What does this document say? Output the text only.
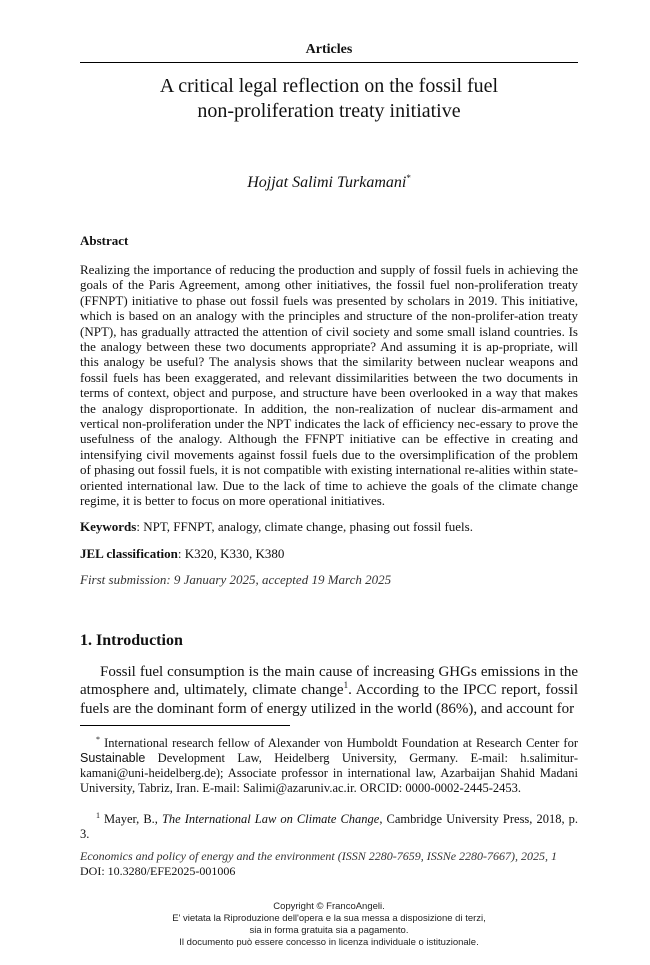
Articles
A critical legal reflection on the fossil fuel
non-proliferation treaty initiative
Hojjat Salimi Turkamani*
Abstract

Realizing the importance of reducing the production and supply of fossil fuels in achieving the goals of the Paris Agreement, among other initiatives, the fossil fuel non-proliferation treaty (FFNPT) initiative to phase out fossil fuels was presented by scholars in 2019. This initiative, which is based on an analogy with the principles and structure of the non-prolifer-ation treaty (NPT), has gradually attracted the attention of civil society and some small island countries. Is the analogy between these two documents appropriate? And assuming it is ap-propriate, will this analogy be useful? The analysis shows that the similarity between nuclear weapons and fossil fuels has been exaggerated, and relevant dissimilarities between the two documents in terms of context, object and purpose, and structure have been overlooked in a way that makes the analogy disproportionate. In addition, the non-realization of nuclear dis-armament and vertical non-proliferation under the NPT indicates the lack of efficiency nec-essary to prove the usefulness of the analogy. Although the FFNPT initiative can be effective in creating and intensifying civil movements against fossil fuels due to the oversimplification of the problem of phasing out fossil fuels, it is not compatible with existing international re-alities within state-oriented international law. Due to the lack of time to achieve the goals of the climate change regime, it is better to focus on more operational initiatives.

Keywords: NPT, FFNPT, analogy, climate change, phasing out fossil fuels.
JEL classification: K320, K330, K380
First submission: 9 January 2025, accepted 19 March 2025
1. Introduction

Fossil fuel consumption is the main cause of increasing GHGs emissions in the atmosphere and, ultimately, climate change$^1$. According to the IPCC report, fossil fuels are the dominant form of energy utilized in the world (86%), and account for

* International research fellow of Alexander von Humboldt Foundation at Research Center for Sustainable Development Law, Heidelberg University, Germany. E-mail: h.salimitur-kamani@uni-heidelberg.de); Associate professor in international law, Azarbaijan Shahid Madani University, Tabriz, Iran. E-mail: Salimi@azaruniv.ac.ir. ORCID: 0000-0002-2445-2453.

$^1$ Mayer, B., The International Law on Climate Change, Cambridge University Press, 2018, p. 3.

Economics and policy of energy and the environment (ISSN 2280-7659, ISSNe 2280-7667), 2025, 1
DOI: 10.3280/EFE2025-001006

Copyright © FrancoAngeli.
E' vietata la Riproduzione dell'opera e la sua messa a disposizione di terzi,
sia in forma gratuita sia a pagamento.
Il documento può essere concesso in licenza individuale o istituzionale.
